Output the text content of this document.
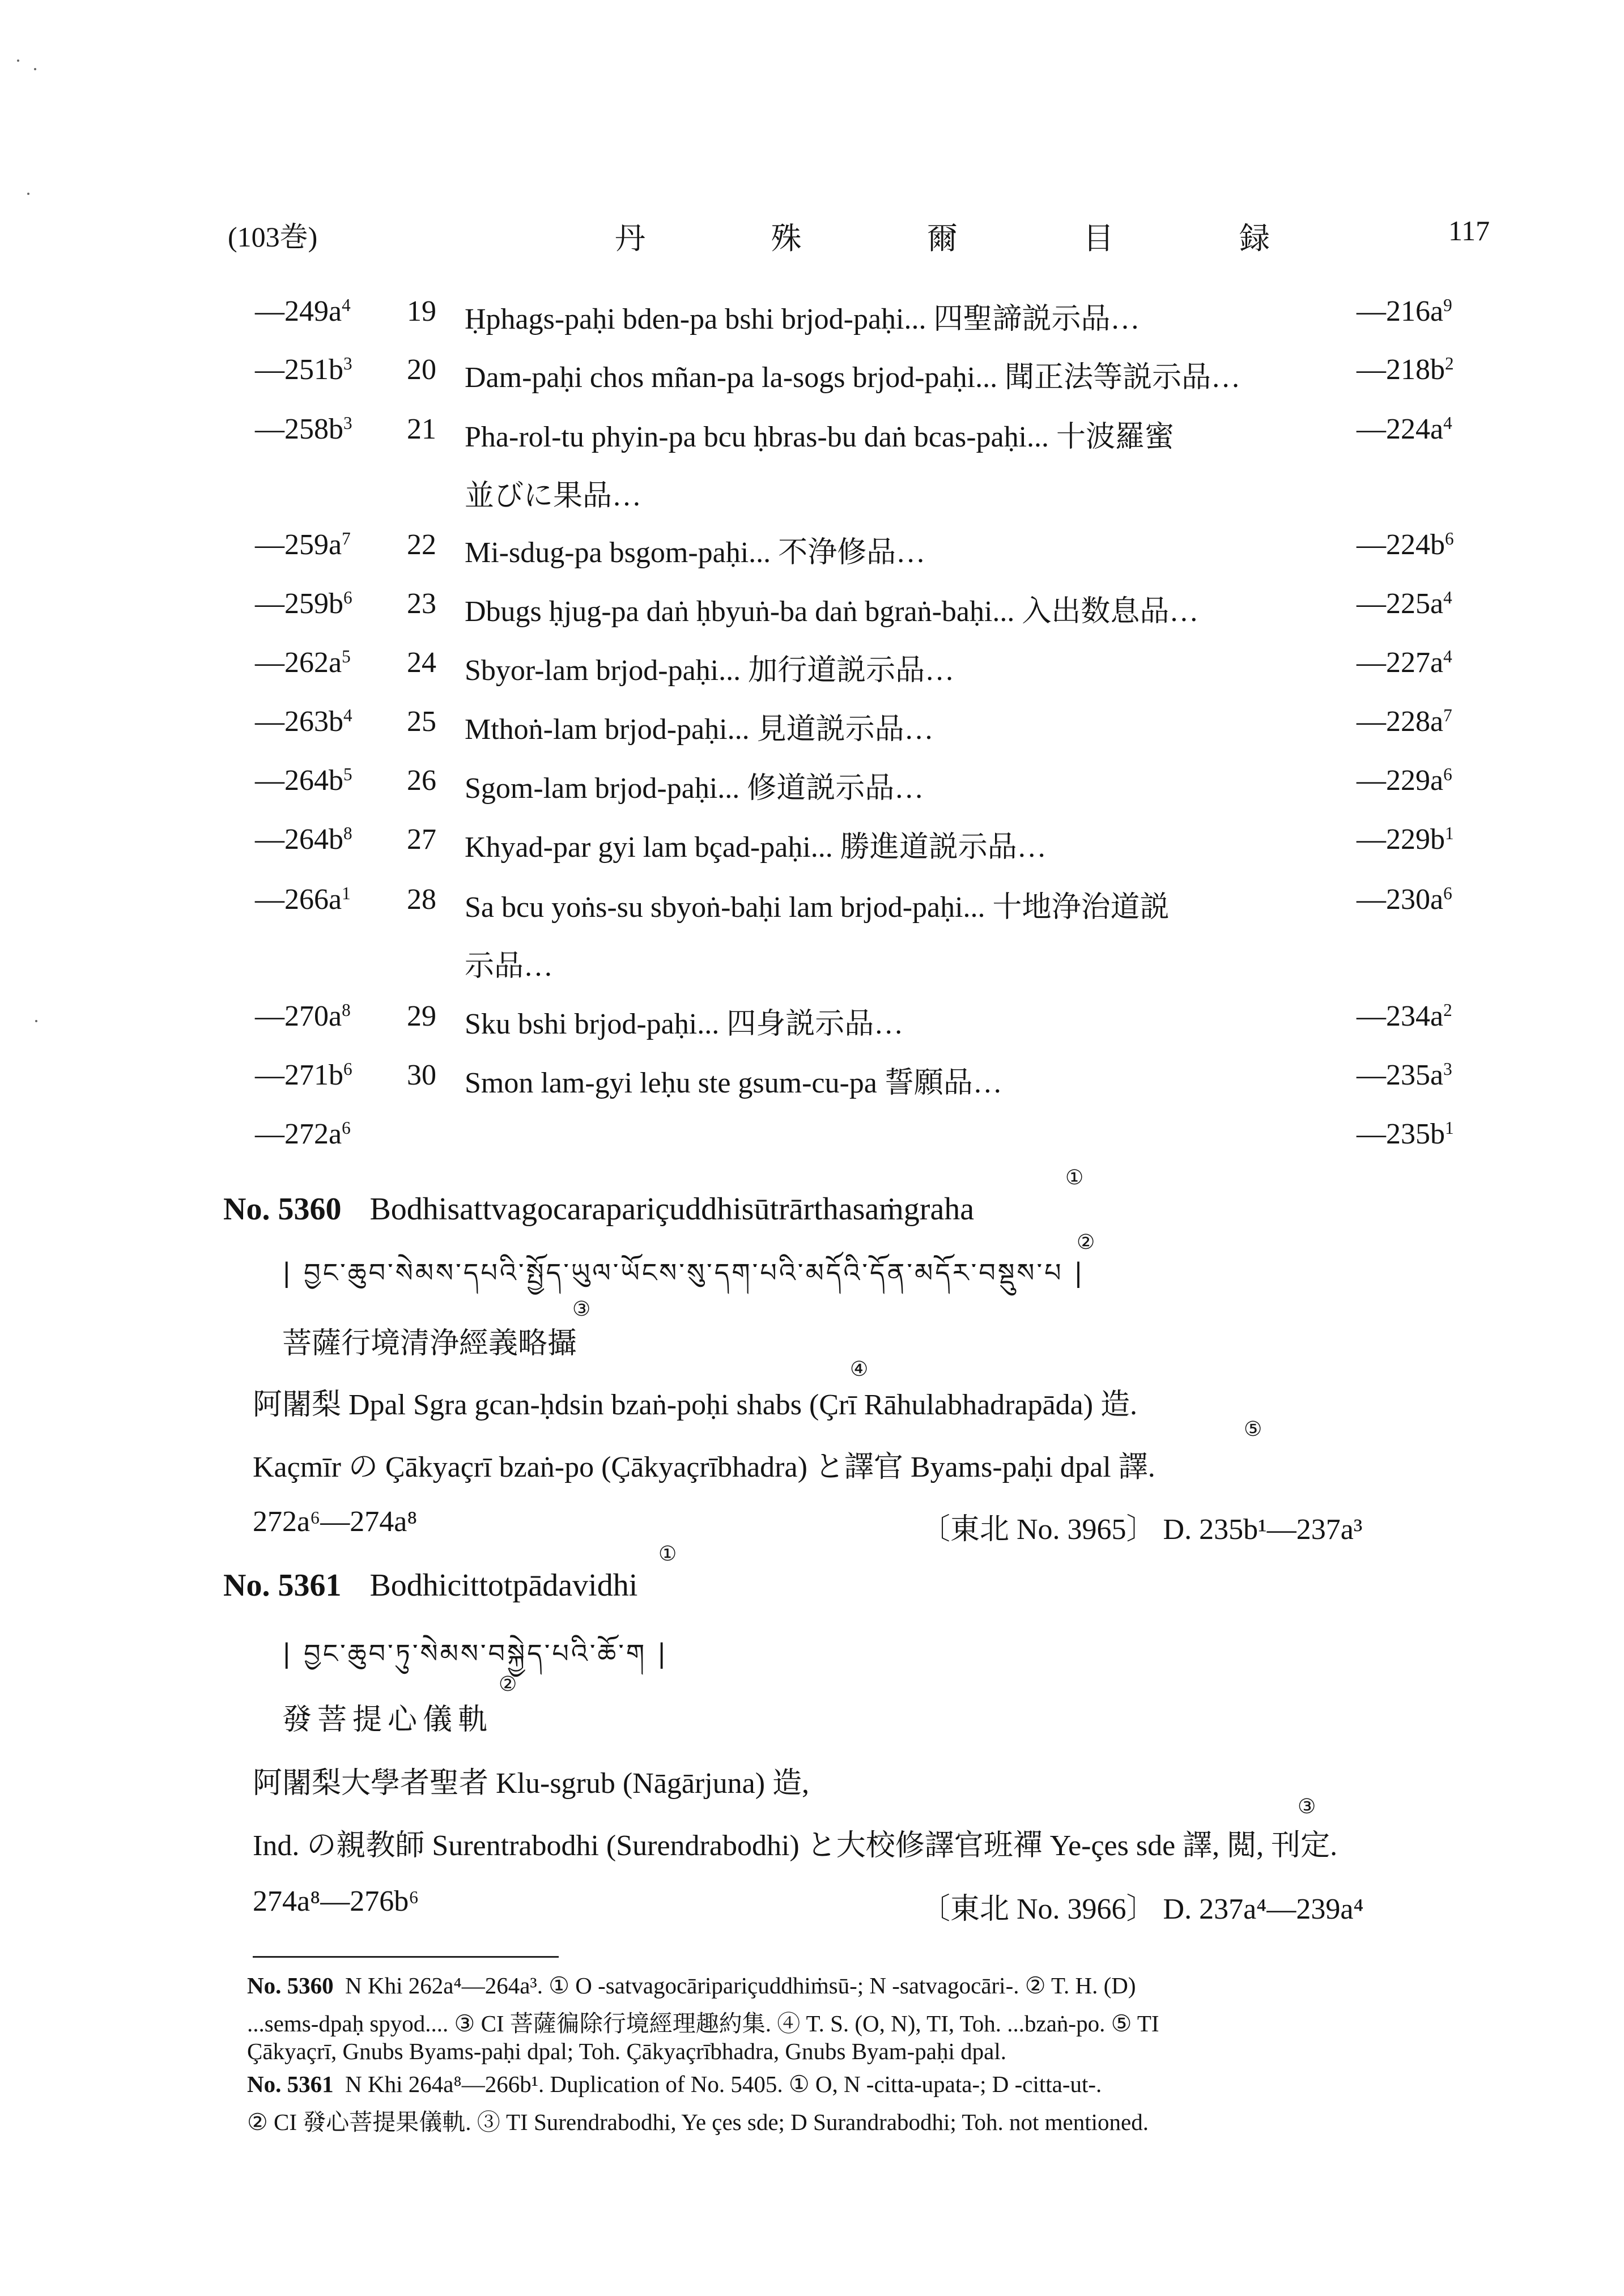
(103巻)	丹 殊 爾 目 録	117
$—249a^4$ 19 Ḥphags-paḥi bden-pa bshi brjod-paḥi... 四聖諦説示品…	$—216a^9$
$—251b^3$ 20 Dam-paḥi chos mñan-pa la-sogs brjod-paḥi... 聞正法等説示品…	$—218b^2$
$—258b^3$ 21 Pha-rol-tu phyin-pa bcu ḥbras-bu daṅ bcas-paḥi... 十波羅蜜	$—224a^4$
並びに果品…
$—259a^7$ 22 Mi-sdug-pa bsgom-paḥi... 不浄修品…	$—224b^6$
$—259b^6$ 23 Dbugs ḥjug-pa daṅ ḥbyuṅ-ba daṅ bgraṅ-baḥi... 入出数息品…	$—225a^4$
$—262a^5$ 24 Sbyor-lam brjod-paḥi... 加行道説示品…	$—227a^4$
$—263b^4$ 25 Mthoṅ-lam brjod-paḥi... 見道説示品…	$—228a^7$
$—264b^5$ 26 Sgom-lam brjod-paḥi... 修道説示品…	$—229a^6$
$—264b^8$ 27 Khyad-par gyi lam bçad-paḥi... 勝進道説示品…	$—229b^1$
$—266a^1$ 28 Sa bcu yoṅs-su sbyoṅ-baḥi lam brjod-paḥi... 十地浄治道説	$—230a^6$
示品…
$—270a^8$ 29 Sku bshi brjod-paḥi... 四身説示品…	$—234a^2$
$—271b^6$ 30 Smon lam-gyi leḥu ste gsum-cu-pa 誓願品…	$—235a^3$
$—272a^6$	$—235b^1$
No. 5360 Bodhisattvagocarapariçuddhisūtrārthasaṁgraha
①
| བྱང་ཆུབ་སེམས་དཔའི་སྤྱོད་ཡུལ་ཡོངས་སུ་དག་པའི་མདོའི་དོན་མདོར་བསྡུས་པ |
②
菩薩行境清浄經義略攝
③
阿闍梨 Dpal Sgra gcan-ḥdsin bzaṅ-poḥi shabs (Çrī Rāhulabhadrapāda) 造.
④
Kaçmīr の Çākyaçrī bzaṅ-po (Çākyaçrībhadra) と譯官 Byams-paḥi dpal 譯.
⑤
272a⁶—274a⁸	〔東北 No. 3965〕 D. 235b¹—237a³
No. 5361 Bodhicittotpādavidhi
①
| བྱང་ཆུབ་ཏུ་སེམས་བསྐྱེད་པའི་ཆོ་ག |
發菩提心儀軌
②
阿闍梨大學者聖者 Klu-sgrub (Nāgārjuna) 造,
Ind. の親教師 Surentrabodhi (Surendrabodhi) と大校修譯官班禪 Ye-çes sde 譯, 閲, 刊定.
③
274a⁸—276b⁶	〔東北 No. 3966〕 D. 237a⁴—239a⁴
No. 5360 N Khi 262a⁴—264a³. ① O -satvagocāripariçuddhiṁsū-; N -satvagocāri-. ② T. H. (D)
...sems-dpaḥ spyod.... ③ CI 菩薩徧除行境經理趣約集. ④ T. S. (O, N), TI, Toh. ...bzaṅ-po. ⑤ TI
Çākyaçrī, Gnubs Byams-paḥi dpal; Toh. Çākyaçrībhadra, Gnubs Byam-paḥi dpal.
No. 5361 N Khi 264a⁸—266b¹. Duplication of No. 5405. ① O, N -citta-upata-; D -citta-ut-.
② CI 發心菩提果儀軌. ③ TI Surendrabodhi, Ye çes sde; D Surandrabodhi; Toh. not mentioned.
